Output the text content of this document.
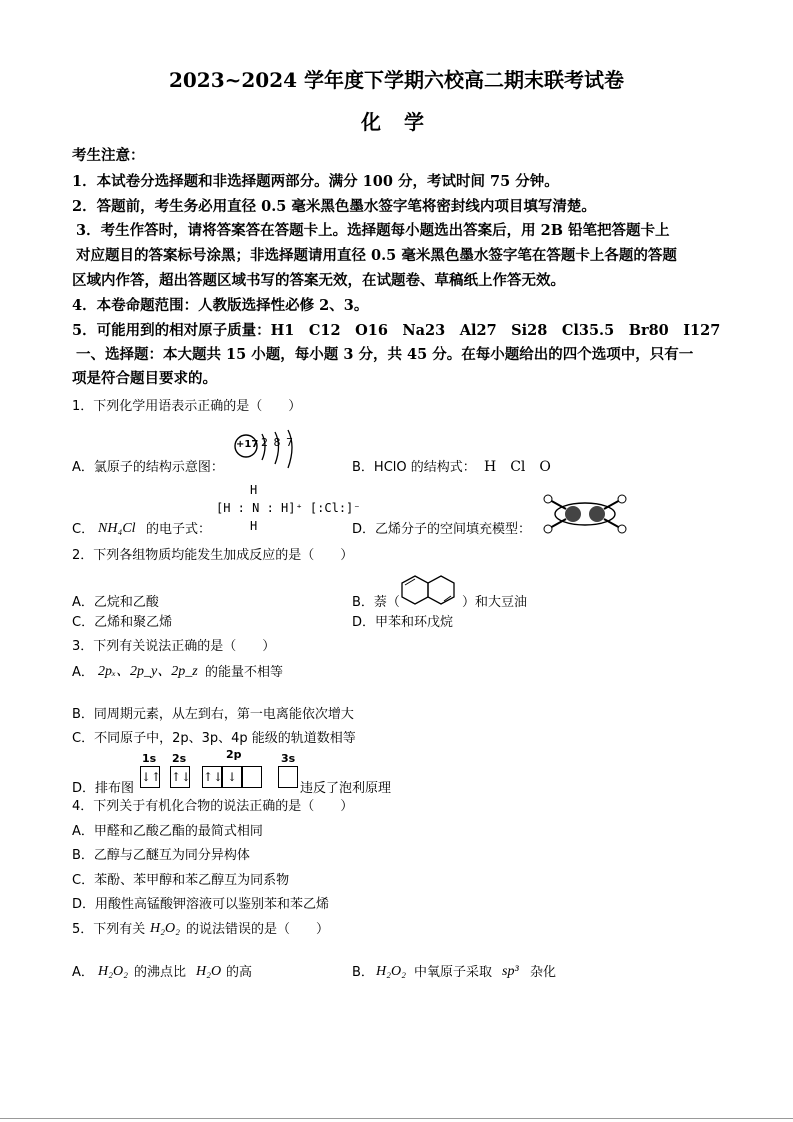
2023~2024 学年度下学期六校高二期末联考试卷
化 学
考生注意：
1．本试卷分选择题和非选择题两部分。满分 100 分，考试时间 75 分钟。
2．答题前，考生务必用直径 0.5 毫米黑色墨水签字笔将密封线内项目填写清楚。
3．考生作答时，请将答案答在答题卡上。选择题每小题选出答案后，用 2B 铅笔把答题卡上
对应题目的答案标号涂黑；非选择题请用直径 0.5 毫米黑色墨水签字笔在答题卡上各题的答题
区域内作答，超出答题区域书写的答案无效，在试题卷、草稿纸上作答无效。
4．本卷命题范围：人教版选择性必修 2、3。
5．可能用到的相对原子质量：H1　C12　O16　Na23　Al27　Si28　Cl35.5　Br80　I127
一、选择题：本大题共 15 小题，每小题 3 分，共 45 分。在每小题给出的四个选项中，只有一
项是符合题目要求的。
1．下列化学用语表示正确的是（　　）
A．氯原子的结构示意图：
+17 2 8 7
B．HClO 的结构式： H　Cl　O
C． NH₄Cl 的电子式：
H
[H : N : H]⁺ [:Cl:]⁻
H	D．乙烯分子的空间填充模型：
2．下列各组物质均能发生加成反应的是（　　）
A．乙烷和乙酸	B．萘（	）和大豆油
C．乙烯和聚乙烯	D．甲苯和环戊烷
3．下列有关说法正确的是（　　）
A． 2pₓ、2p_y、2p_z 的能量不相等
B．同周期元素，从左到右，第一电离能依次增大
C．不同原子中，2p、3p、4p 能级的轨道数相等
D．排布图
1s 2s	2p	3s
↓↑ ↑↓ ↑↓ ↓
违反了泡利原理
4．下列关于有机化合物的说法正确的是（　　）
A．甲醛和乙酸乙酯的最简式相同
B．乙醇与乙醚互为同分异构体
C．苯酚、苯甲醇和苯乙醇互为同系物
D．用酸性高锰酸钾溶液可以鉴别苯和苯乙烯
5．下列有关 H₂O₂ 的说法错误的是（　　）
A． H₂O₂ 的沸点比 H₂O 的高	B． H₂O₂ 中氧原子采取 sp³ 杂化
